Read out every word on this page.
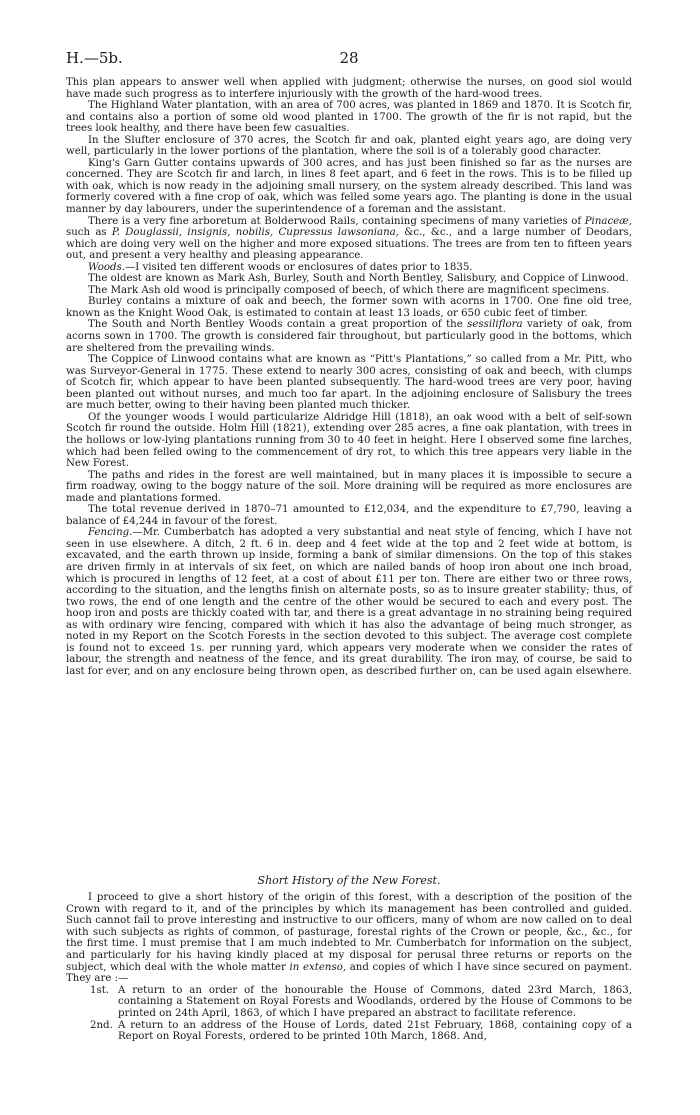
H.—5b.	28

This plan appears to answer well when applied with judgment; otherwise the nurses, on good siol would have made such progress as to interfere injuriously with the growth of the hard-wood trees.

The Highland Water plantation, with an area of 700 acres, was planted in 1869 and 1870. It is Scotch fir, and contains also a portion of some old wood planted in 1700. The growth of the fir is not rapid, but the trees look healthy, and there have been few casualties.

In the Slufter enclosure of 370 acres, the Scotch fir and oak, planted eight years ago, are doing very well, particularly in the lower portions of the plantation, where the soil is of a tolerably good character.

King's Garn Gutter contains upwards of 300 acres, and has just been finished so far as the nurses are concerned. They are Scotch fir and larch, in lines 8 feet apart, and 6 feet in the rows. This is to be filled up with oak, which is now ready in the adjoining small nursery, on the system already described. This land was formerly covered with a fine crop of oak, which was felled some years ago. The planting is done in the usual manner by day labourers, under the superintendence of a foreman and the assistant.

There is a very fine arboretum at Bolderwood Rails, containing specimens of many varieties of Pinaceæ, such as P. Douglassii, insignis, nobilis, Cupressus lawsoniana, &c., &c., and a large number of Deodars, which are doing very well on the higher and more exposed situations. The trees are from ten to fifteen years out, and present a very healthy and pleasing appearance.

Woods.—I visited ten different woods or enclosures of dates prior to 1835.

The oldest are known as Mark Ash, Burley, South and North Bentley, Salisbury, and Coppice of Linwood.

The Mark Ash old wood is principally composed of beech, of which there are magnificent specimens.

Burley contains a mixture of oak and beech, the former sown with acorns in 1700. One fine old tree, known as the Knight Wood Oak, is estimated to contain at least 13 loads, or 650 cubic feet of timber.

The South and North Bentley Woods contain a great proportion of the sessiliflora variety of oak, from acorns sown in 1700. The growth is considered fair throughout, but particularly good in the bottoms, which are sheltered from the prevailing winds.

The Coppice of Linwood contains what are known as “Pitt's Plantations,” so called from a Mr. Pitt, who was Surveyor-General in 1775. These extend to nearly 300 acres, consisting of oak and beech, with clumps of Scotch fir, which appear to have been planted subsequently. The hard-wood trees are very poor, having been planted out without nurses, and much too far apart. In the adjoining enclosure of Salisbury the trees are much better, owing to their having been planted much thicker.

Of the younger woods I would particularize Aldridge Hill (1818), an oak wood with a belt of self-sown Scotch fir round the outside. Holm Hill (1821), extending over 285 acres, a fine oak plantation, with trees in the hollows or low-lying plantations running from 30 to 40 feet in height. Here I observed some fine larches, which had been felled owing to the commencement of dry rot, to which this tree appears very liable in the New Forest.

The paths and rides in the forest are well maintained, but in many places it is impossible to secure a firm roadway, owing to the boggy nature of the soil. More draining will be required as more enclosures are made and plantations formed.

The total revenue derived in 1870–71 amounted to £12,034, and the expenditure to £7,790, leaving a balance of £4,244 in favour of the forest.

Fencing.—Mr. Cumberbatch has adopted a very substantial and neat style of fencing, which I have not seen in use elsewhere. A ditch, 2 ft. 6 in. deep and 4 feet wide at the top and 2 feet wide at bottom, is excavated, and the earth thrown up inside, forming a bank of similar dimensions. On the top of this stakes are driven firmly in at intervals of six feet, on which are nailed bands of hoop iron about one inch broad, which is procured in lengths of 12 feet, at a cost of about £11 per ton. There are either two or three rows, according to the situation, and the lengths finish on alternate posts, so as to insure greater stability; thus, of two rows, the end of one length and the centre of the other would be secured to each and every post. The hoop iron and posts are thickly coated with tar, and there is a great advantage in no straining being required as with ordinary wire fencing, compared with which it has also the advantage of being much stronger, as noted in my Report on the Scotch Forests in the section devoted to this subject. The average cost complete is found not to exceed 1s. per running yard, which appears very moderate when we consider the rates of labour, the strength and neatness of the fence, and its great durability. The iron may, of course, be said to last for ever, and on any enclosure being thrown open, as described further on, can be used again elsewhere.

Short History of the New Forest.

I proceed to give a short history of the origin of this forest, with a description of the position of the Crown with regard to it, and of the principles by which its management has been controlled and guided. Such cannot fail to prove interesting and instructive to our officers, many of whom are now called on to deal with such subjects as rights of common, of pasturage, forestal rights of the Crown or people, &c., &c., for the first time. I must premise that I am much indebted to Mr. Cumberbatch for information on the subject, and particularly for his having kindly placed at my disposal for perusal three returns or reports on the subject, which deal with the whole matter in extenso, and copies of which I have since secured on payment. They are :—

1st. A return to an order of the honourable the House of Commons, dated 23rd March, 1863, containing a Statement on Royal Forests and Woodlands, ordered by the House of Commons to be printed on 24th April, 1863, of which I have prepared an abstract to facilitate reference.
2nd. A return to an address of the House of Lords, dated 21st February, 1868, containing copy of a Report on Royal Forests, ordered to be printed 10th March, 1868. And,
